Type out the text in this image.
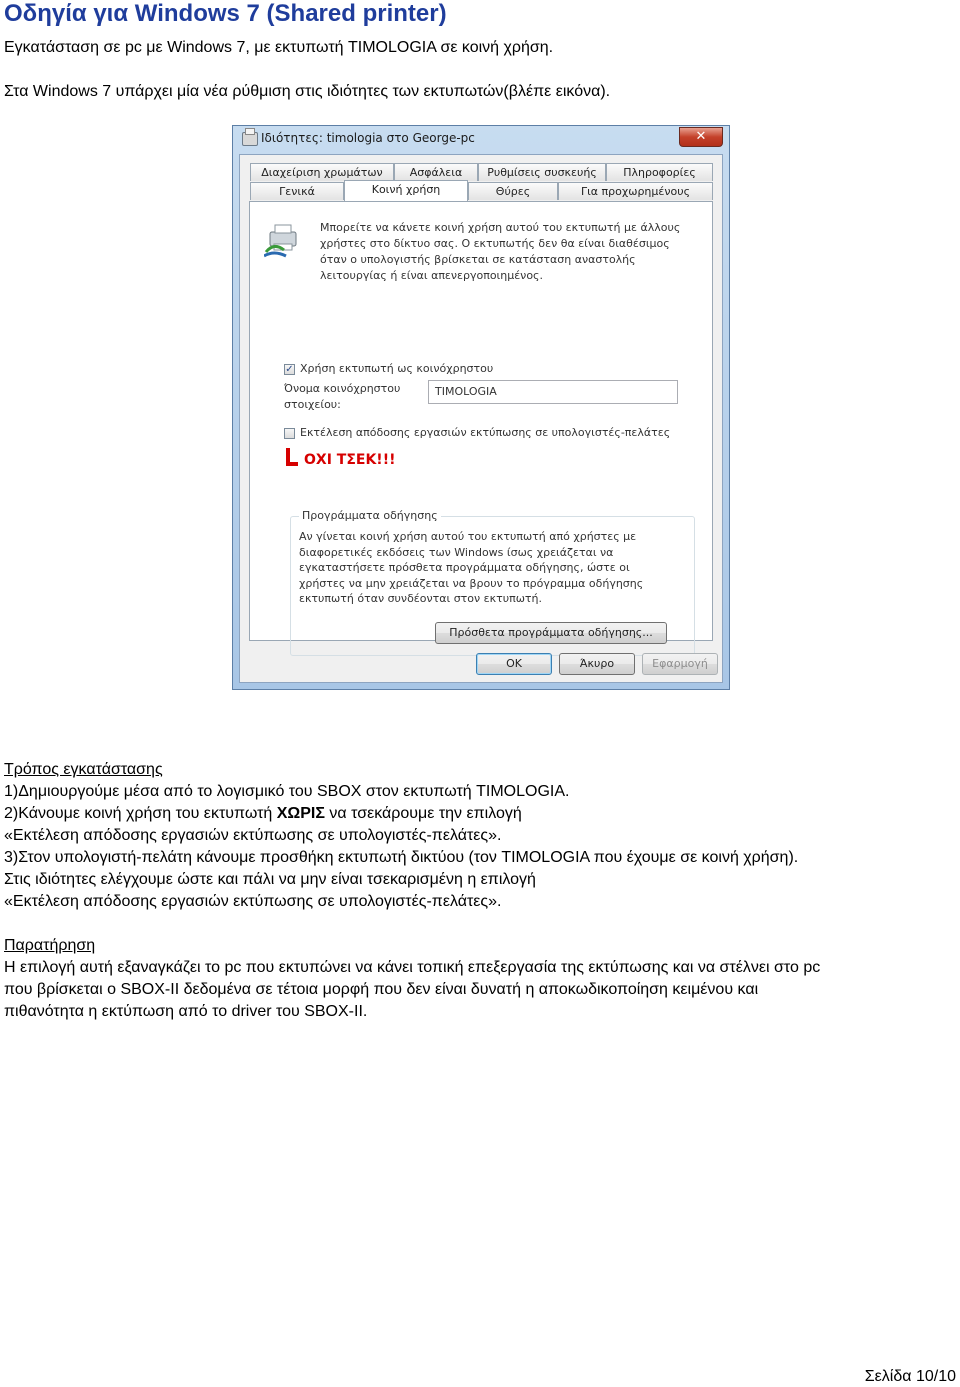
Οδηγία για Windows 7 (Shared printer)
Εγκατάσταση σε pc με Windows 7, με εκτυπωτή TIMOLOGIA σε κοινή χρήση.
Στα Windows 7 υπάρχει μία νέα ρύθμιση στις ιδιότητες των εκτυπωτών(βλέπε εικόνα).
Ιδιότητες: timologia στο George-pc	✕
Διαχείριση χρωμάτων	Ασφάλεια	Ρυθμίσεις συσκευής	Πληροφορίες
Γενικά	Κοινή χρήση	Θύρες	Για προχωρημένους
Μπορείτε να κάνετε κοινή χρήση αυτού του εκτυπωτή με άλλους
χρήστες στο δίκτυο σας. Ο εκτυπωτής δεν θα είναι διαθέσιμος
όταν ο υπολογιστής βρίσκεται σε κατάσταση αναστολής
λειτουργίας ή είναι απενεργοποιημένος.
✓ Χρήση εκτυπωτή ως κοινόχρηστου
Όνομα κοινόχρηστου
στοιχείου:
TIMOLOGIA
Εκτέλεση απόδοσης εργασιών εκτύπωσης σε υπολογιστές-πελάτες
ΟΧΙ ΤΣΕΚ!!!
Προγράμματα οδήγησης
Αν γίνεται κοινή χρήση αυτού του εκτυπωτή από χρήστες με
διαφορετικές εκδόσεις των Windows ίσως χρειάζεται να
εγκαταστήσετε πρόσθετα προγράμματα οδήγησης, ώστε οι
χρήστες να μην χρειάζεται να βρουν το πρόγραμμα οδήγησης
εκτυπωτή όταν συνδέονται στον εκτυπωτή.
Πρόσθετα προγράμματα οδήγησης...
OK	Άκυρο	Εφαρμογή
Τρόπος εγκατάστασης
1)Δημιουργούμε μέσα από το λογισμικό του SBOX στον εκτυπωτή TIMOLOGIA.
2)Κάνουμε κοινή χρήση του εκτυπωτή ΧΩΡΙΣ να τσεκάρουμε την επιλογή
«Εκτέλεση απόδοσης εργασιών εκτύπωσης σε υπολογιστές-πελάτες».
3)Στον υπολογιστή-πελάτη κάνουμε προσθήκη εκτυπωτή δικτύου (τον TIMOLOGIA που έχουμε σε κοινή χρήση).
Στις ιδιότητες ελέγχουμε ώστε και πάλι να μην είναι τσεκαρισμένη η επιλογή
«Εκτέλεση απόδοσης εργασιών εκτύπωσης σε υπολογιστές-πελάτες».
Παρατήρηση
Η επιλογή αυτή εξαναγκάζει το pc που εκτυπώνει να κάνει τοπική επεξεργασία της εκτύπωσης και να στέλνει στο pc
που βρίσκεται ο SBOX-II δεδομένα σε τέτοια μορφή που δεν είναι δυνατή η αποκωδικοποίηση κειμένου και
πιθανότητα η εκτύπωση από το driver του SBOX-II.
Σελίδα 10/10
